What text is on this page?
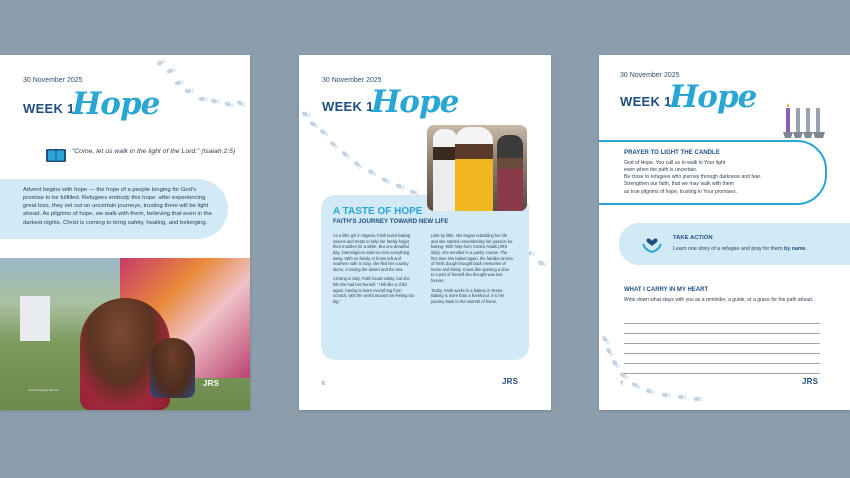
30 November 2025
WEEK 1
Hope
“Come, let us walk in the light of the Lord.” (Isaiah 2:5)
Advent begins with hope — the hope of a people longing for God's promise to be fulfilled. Refugees embody this hope: after experiencing great loss, they set out on uncertain journeys, trusting there will be light ahead. As pilgrims of hope, we walk with them, believing that even in the darkest nights, Christ is coming to bring safety, healing, and belonging.
Jesuit Refugee Service
JRS
30 November 2025
WEEK 1
Hope
A TASTE OF HOPE
FAITH'S JOURNEY TOWARD NEW LIFE

As a little girl in Nigeria, Faith loved baking sweets and treats to help her family forget their troubles for a while. But one dreadful day, interreligious violence tore everything away. With no family or home left and nowhere safe to stay, she fled her country alone, crossing the desert and the sea.

Arriving in Italy, Faith found safety, but she felt she had lost herself. “I felt like a child again, having to learn everything from scratch, with the world around me feeling too big.”

Little by little, she began rebuilding her life and she started remembering her passion for baking. With help from Centro Astalli (JRS Italy), she enrolled in a pastry course. The first time she baked again, the familiar aroma of fresh dough brought back memories of home and family. It was like opening a door to a part of herself she thought was lost forever.

Today, Faith works in a bakery in Rome. Baking is more than a livelihood; it is her journey back to the warmth of home.

6	JRS
30 November 2025
WEEK 1
Hope
PRAYER TO LIGHT THE CANDLE
God of Hope, You call us to walk in Your light
even when the path is uncertain.
Be close to refugees who journey through darkness and fear.
Strengthen our faith, that we may walk with them
as true pilgrims of hope, trusting in Your promises.
TAKE ACTION
Learn one story of a refugee and pray for them by name.
WHAT I CARRY IN MY HEART
Write down what stays with you as a reminder, a guide, or a grace for the path ahead.
7	JRS
